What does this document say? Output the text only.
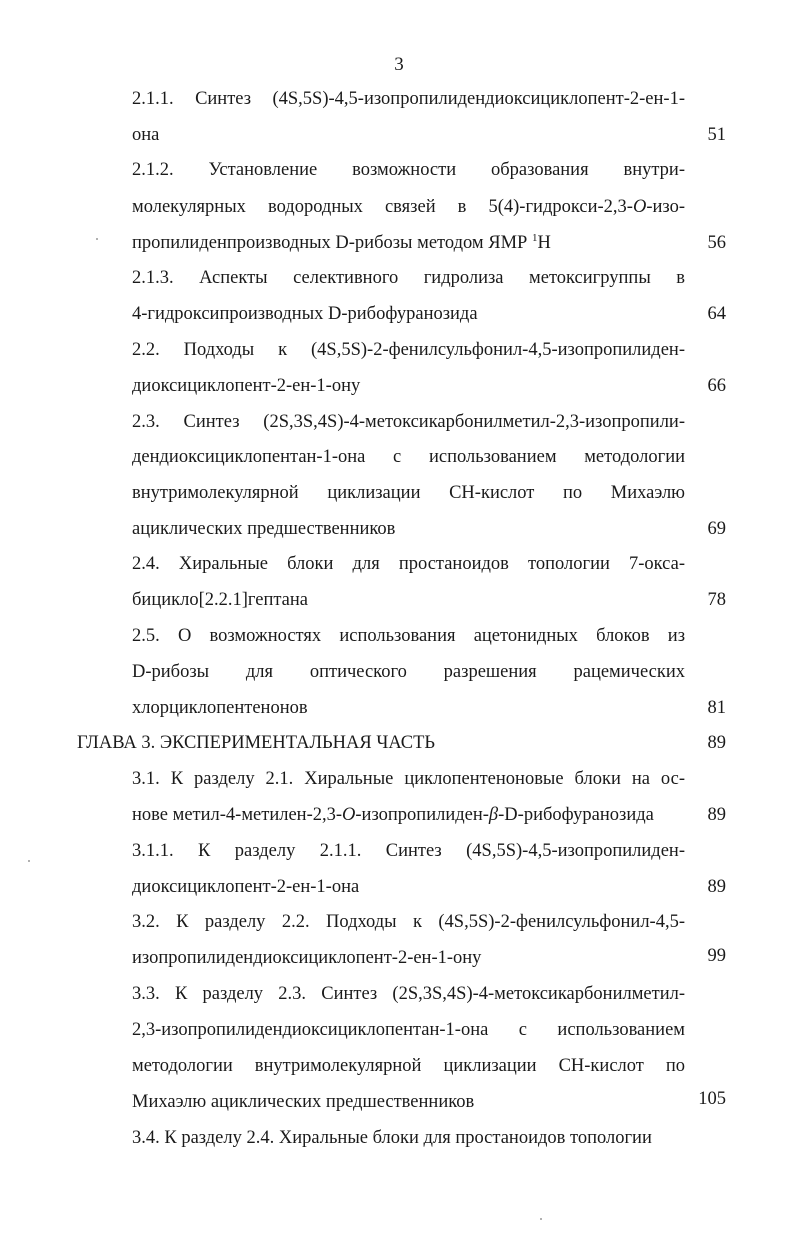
3
2.1.1. Синтез (4S,5S)-4,5-изопропилидендиоксициклопент-2-ен-1-
она	51
2.1.2. Установление возможности образования внутри-
молекулярных водородных связей в 5(4)-гидрокси-2,3-O-изо-
пропилиденпроизводных D-рибозы методом ЯМР $^1$H	56
2.1.3. Аспекты селективного гидролиза метоксигруппы в
4-гидроксипроизводных D-рибофуранозида	64
2.2. Подходы к (4S,5S)-2-фенилсульфонил-4,5-изопропилиден-
диоксициклопент-2-ен-1-ону	66
2.3. Синтез (2S,3S,4S)-4-метоксикарбонилметил-2,3-изопропили-
дендиоксициклопентан-1-она с использованием методологии
внутримолекулярной циклизации CH-кислот по Михаэлю
ациклических предшественников	69
2.4. Хиральные блоки для простаноидов топологии 7-окса-
бицикло[2.2.1]гептана	78
2.5. О возможностях использования ацетонидных блоков из
D-рибозы для оптического разрешения рацемических
хлорциклопентенонов	81
ГЛАВА 3. ЭКСПЕРИМЕНТАЛЬНАЯ ЧАСТЬ	89
3.1. К разделу 2.1. Хиральные циклопентеноновые блоки на ос-
нове метил-4-метилен-2,3-O-изопропилиден-β-D-рибофуранозида	89
3.1.1. К разделу 2.1.1. Синтез (4S,5S)-4,5-изопропилиден-
диоксициклопент-2-ен-1-она	89
3.2. К разделу 2.2. Подходы к (4S,5S)-2-фенилсульфонил-4,5-
изопропилидендиоксициклопент-2-ен-1-ону	99
3.3. К разделу 2.3. Синтез (2S,3S,4S)-4-метоксикарбонилметил-
2,3-изопропилидендиоксициклопентан-1-она с использованием
методологии внутримолекулярной циклизации CH-кислот по
Михаэлю ациклических предшественников	105
3.4. К разделу 2.4. Хиральные блоки для простаноидов топологии
